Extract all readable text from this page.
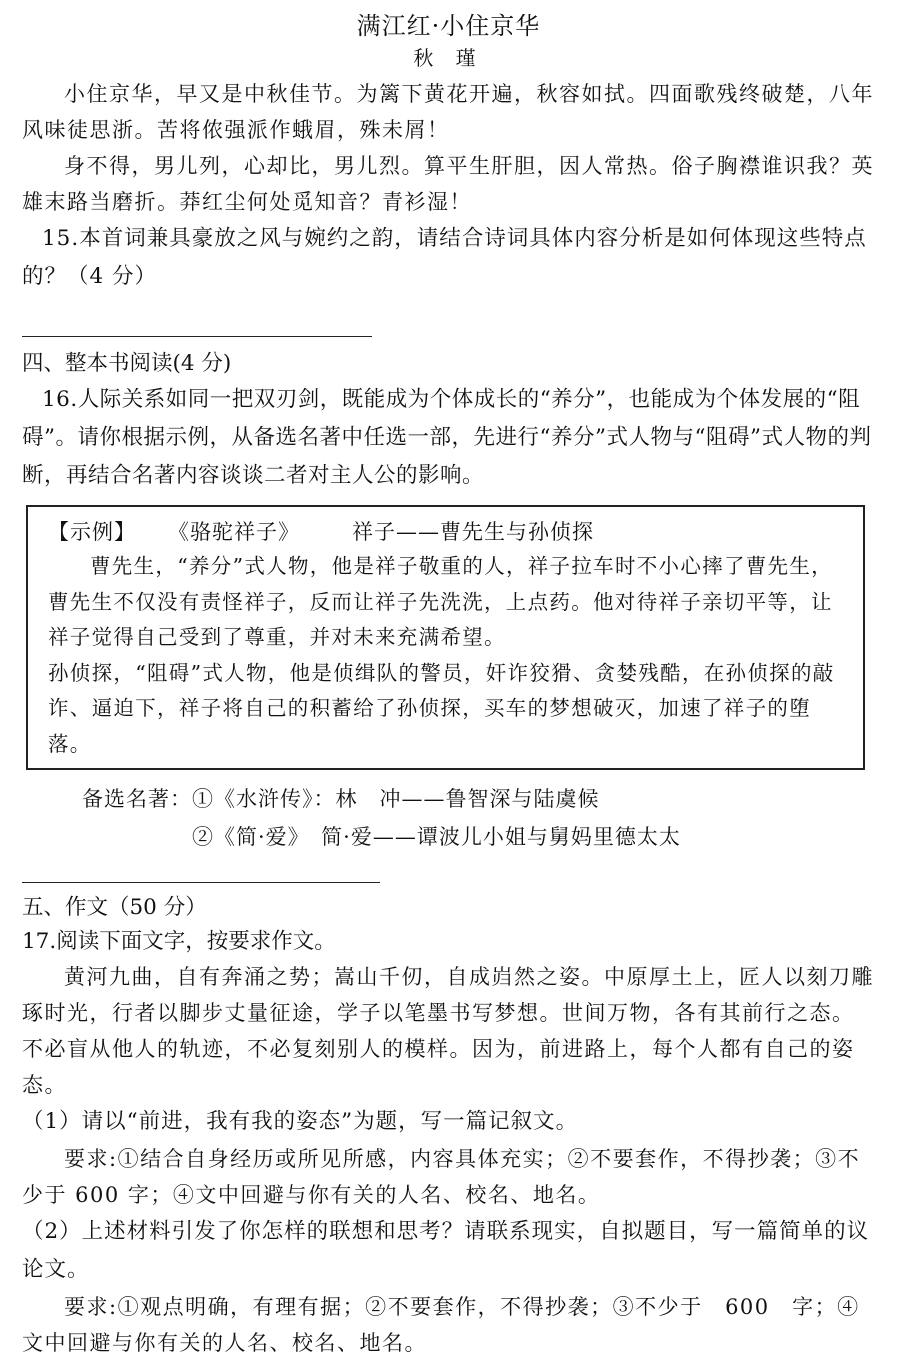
满江红·小住京华
秋 瑾

小住京华，早又是中秋佳节。为篱下黄花开遍，秋容如拭。四面歌残终破楚，八年风味徒思浙。苦将侬强派作蛾眉，殊未屑！

身不得，男儿列，心却比，男儿烈。算平生肝胆，因人常热。俗子胸襟谁识我？英雄末路当磨折。莽红尘何处觅知音？青衫湿！

15.本首词兼具豪放之风与婉约之韵，请结合诗词具体内容分析是如何体现这些特点的？（4 分）

四、整本书阅读(4 分)

16.人际关系如同一把双刃剑，既能成为个体成长的“养分”，也能成为个体发展的“阻碍”。请你根据示例，从备选名著中任选一部，先进行“养分”式人物与“阻碍”式人物的判断，再结合名著内容谈谈二者对主人公的影响。

【示例】 《骆驼祥子》 祥子——曹先生与孙侦探

曹先生，“养分”式人物，他是祥子敬重的人，祥子拉车时不小心摔了曹先生，曹先生不仅没有责怪祥子，反而让祥子先洗洗，上点药。他对待祥子亲切平等，让祥子觉得自己受到了尊重，并对未来充满希望。

孙侦探，“阻碍”式人物，他是侦缉队的警员，奸诈狡猾、贪婪残酷，在孙侦探的敲诈、逼迫下，祥子将自己的积蓄给了孙侦探，买车的梦想破灭，加速了祥子的堕落。

备选名著： ①《水浒传》：林　冲——鲁智深与陆虞候
②《简·爱》　简·爱——谭波儿小姐与舅妈里德太太

五、作文（50 分）

17.阅读下面文字，按要求作文。

黄河九曲，自有奔涌之势；嵩山千仞，自成岿然之姿。中原厚土上，匠人以刻刀雕琢时光，行者以脚步丈量征途，学子以笔墨书写梦想。世间万物，各有其前行之态。不必盲从他人的轨迹，不必复刻别人的模样。因为，前进路上，每个人都有自己的姿态。

（1）请以“前进，我有我的姿态”为题，写一篇记叙文。

要求:①结合自身经历或所见所感，内容具体充实；②不要套作，不得抄袭；③不少于 600 字；④文中回避与你有关的人名、校名、地名。

（2）上述材料引发了你怎样的联想和思考？请联系现实，自拟题目，写一篇简单的议论文。

要求:①观点明确，有理有据；②不要套作，不得抄袭；③不少于　600　字；④文中回避与你有关的人名、校名、地名。
